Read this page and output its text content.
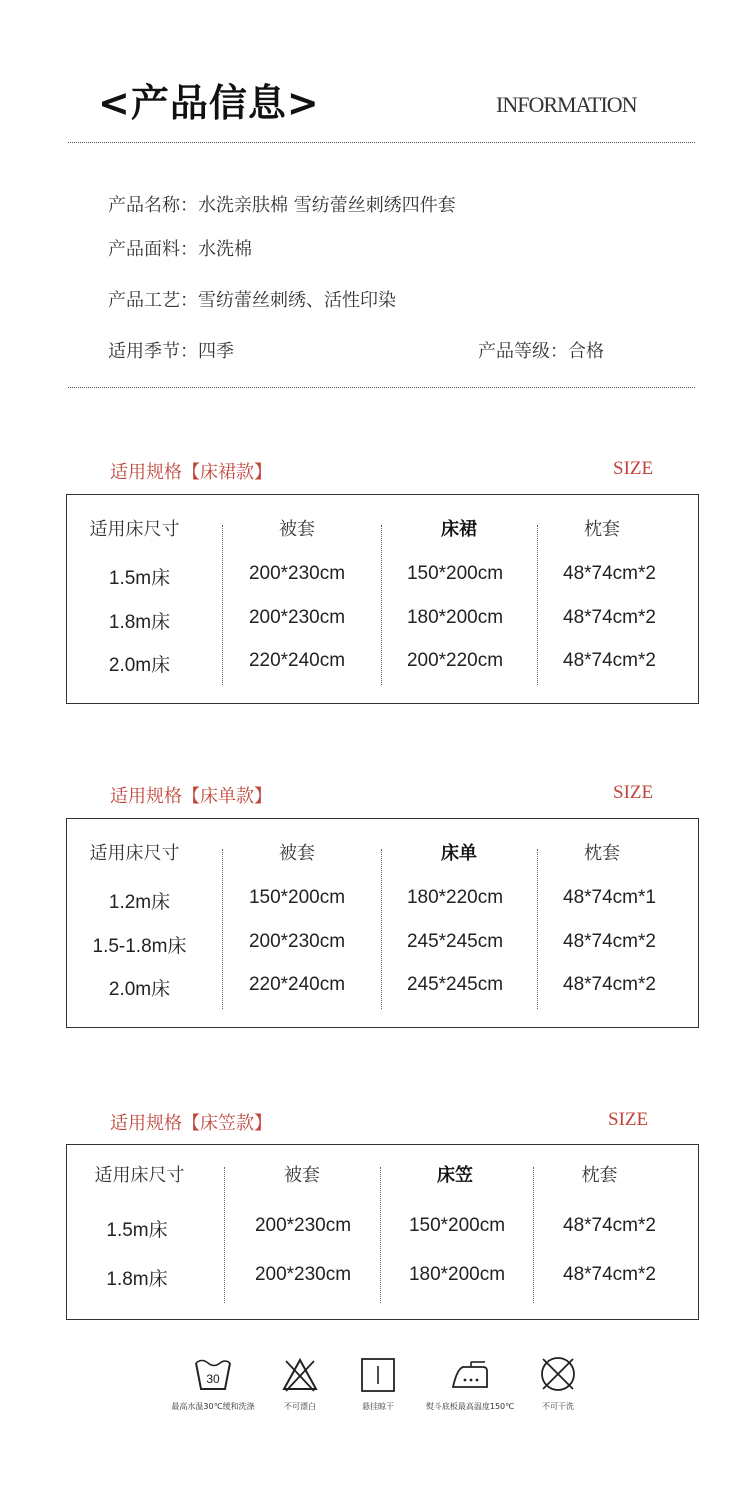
<产品信息>	INFORMATION
产品名称：水洗亲肤棉 雪纺蕾丝刺绣四件套
产品面料：水洗棉
产品工艺：雪纺蕾丝刺绣、活性印染
适用季节：四季	产品等级：合格
适用规格【床裙款】	SIZE
适用床尺寸	被套	床裙	枕套
1.5m床	200*230cm	150*200cm	48*74cm*2
1.8m床	200*230cm	180*200cm	48*74cm*2
2.0m床	220*240cm	200*220cm	48*74cm*2
适用规格【床单款】	SIZE
适用床尺寸	被套	床单	枕套
1.2m床	150*200cm	180*220cm	48*74cm*1
1.5-1.8m床	200*230cm	245*245cm	48*74cm*2
2.0m床	220*240cm	245*245cm	48*74cm*2
适用规格【床笠款】	SIZE
适用床尺寸	被套	床笠	枕套
1.5m床	200*230cm	150*200cm	48*74cm*2
1.8m床	200*230cm	180*200cm	48*74cm*2
30
最高水温30℃缓和洗涤	不可漂白	悬挂晾干	熨斗底板最高温度150℃	不可干洗
